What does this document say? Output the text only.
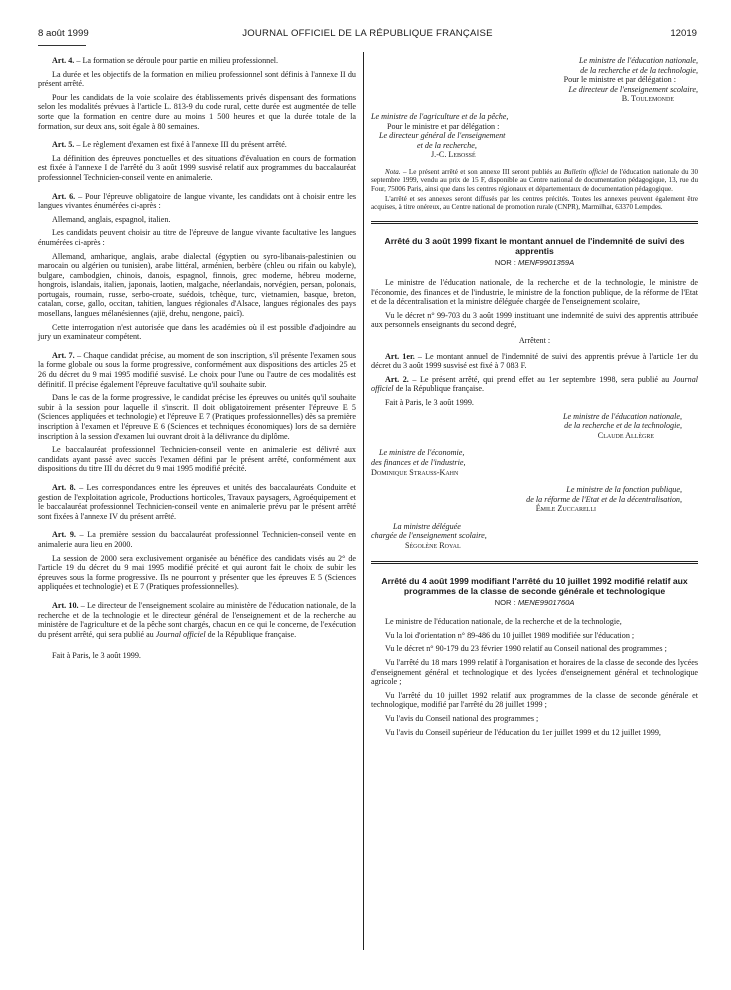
8 août 1999	JOURNAL OFFICIEL DE LA RÉPUBLIQUE FRANÇAISE	12019

Art. 4. – La formation se déroule pour partie en milieu professionnel.

La durée et les objectifs de la formation en milieu professionnel sont définis à l'annexe II du présent arrêté.

Pour les candidats de la voie scolaire des établissements privés dispensant des formations selon les modalités prévues à l'article L. 813-9 du code rural, cette durée est augmentée de telle sorte que la formation en centre dure au moins 1 500 heures et que la durée totale de la formation, sur deux ans, soit égale à 80 semaines.

Art. 5. – Le règlement d'examen est fixé à l'annexe III du présent arrêté.

La définition des épreuves ponctuelles et des situations d'évaluation en cours de formation est fixée à l'annexe I de l'arrêté du 3 août 1999 susvisé relatif aux programmes du baccalauréat professionnel Technicien-conseil vente en animalerie.

Art. 6. – Pour l'épreuve obligatoire de langue vivante, les candidats ont à choisir entre les langues vivantes énumérées ci-après :

Allemand, anglais, espagnol, italien.

Les candidats peuvent choisir au titre de l'épreuve de langue vivante facultative les langues énumérées ci-après :

Allemand, amharique, anglais, arabe dialectal (égyptien ou syro-libanais-palestinien ou marocain ou algérien ou tunisien), arabe littéral, arménien, berbère (chleu ou rifain ou kabyle), bulgare, cambodgien, chinois, danois, espagnol, finnois, grec moderne, hébreu moderne, hongrois, islandais, italien, japonais, laotien, malgache, néerlandais, norvégien, persan, polonais, portugais, roumain, russe, serbo-croate, suédois, tchèque, turc, vietnamien, basque, breton, catalan, corse, gallo, occitan, tahitien, langues régionales d'Alsace, langues régionales des pays mosellans, langues mélanésiennes (ajië, drehu, nengone, paicî).

Cette interrogation n'est autorisée que dans les académies où il est possible d'adjoindre au jury un examinateur compétent.

Art. 7. – Chaque candidat précise, au moment de son inscription, s'il présente l'examen sous la forme globale ou sous la forme progressive, conformément aux dispositions des articles 25 et 26 du décret du 9 mai 1995 modifié susvisé. Le choix pour l'une ou l'autre de ces modalités est définitif. Il précise également l'épreuve facultative qu'il souhaite subir.

Dans le cas de la forme progressive, le candidat précise les épreuves ou unités qu'il souhaite subir à la session pour laquelle il s'inscrit. Il doit obligatoirement présenter l'épreuve E 5 (Sciences appliquées et technologie) et l'épreuve E 7 (Pratiques professionnelles) dès sa première inscription à l'examen et l'épreuve E 6 (Sciences et techniques économiques) lors de sa dernière inscription à la session d'examen lui ouvrant droit à la délivrance du diplôme.

Le baccalauréat professionnel Technicien-conseil vente en animalerie est délivré aux candidats ayant passé avec succès l'examen défini par le présent arrêté, conformément aux dispositions du titre III du décret du 9 mai 1995 modifié précité.

Art. 8. – Les correspondances entre les épreuves et unités des baccalauréats Conduite et gestion de l'exploitation agricole, Productions horticoles, Travaux paysagers, Agroéquipement et le baccalauréat professionnel Technicien-conseil vente en animalerie prévu par le présent arrêté sont fixées à l'annexe IV du présent arrêté.

Art. 9. – La première session du baccalauréat professionnel Technicien-conseil vente en animalerie aura lieu en 2000.

La session de 2000 sera exclusivement organisée au bénéfice des candidats visés au 2° de l'article 19 du décret du 9 mai 1995 modifié précité et qui auront fait le choix de subir les épreuves sous la forme progressive. Ils ne pourront y présenter que les épreuves E 5 (Sciences appliquées et technologie) et E 7 (Pratiques professionnelles).

Art. 10. – Le directeur de l'enseignement scolaire au ministère de l'éducation nationale, de la recherche et de la technologie et le directeur général de l'enseignement et de la recherche au ministère de l'agriculture et de la pêche sont chargés, chacun en ce qui le concerne, de l'exécution du présent arrêté, qui sera publié au Journal officiel de la République française.

Fait à Paris, le 3 août 1999.

Le ministre de l'éducation nationale,
de la recherche et de la technologie,
Pour le ministre et par délégation :
Le directeur de l'enseignement scolaire,
B. Toulemonde
Le ministre de l'agriculture et de la pêche,
Pour le ministre et par délégation :
Le directeur général de l'enseignement
et de la recherche,
J.-C. Lebossé

Nota. – Le présent arrêté et son annexe III seront publiés au Bulletin officiel de l'éducation nationale du 30 septembre 1999, vendu au prix de 15 F, disponible au Centre national de documentation pédagogique, 13, rue du Four, 75006 Paris, ainsi que dans les centres régionaux et départementaux de documentation pédagogique.

L'arrêté et ses annexes seront diffusés par les centres précités. Toutes les annexes peuvent également être acquises, à titre onéreux, au Centre national de promotion rurale (CNPR), Marmilhat, 63370 Lempdes.

Arrêté du 3 août 1999 fixant le montant annuel de l'indemnité de suivi des apprentis
NOR : MENF9901359A

Le ministre de l'éducation nationale, de la recherche et de la technologie, le ministre de l'économie, des finances et de l'industrie, le ministre de la fonction publique, de la réforme de l'Etat et de la décentralisation et la ministre déléguée chargée de l'enseignement scolaire,

Vu le décret n° 99-703 du 3 août 1999 instituant une indemnité de suivi des apprentis attribuée aux personnels enseignants du second degré,

Arrêtent :

Art. 1er. – Le montant annuel de l'indemnité de suivi des apprentis prévue à l'article 1er du décret du 3 août 1999 susvisé est fixé à 7 083 F.

Art. 2. – Le présent arrêté, qui prend effet au 1er septembre 1998, sera publié au Journal officiel de la République française.

Fait à Paris, le 3 août 1999.

Le ministre de l'éducation nationale,
de la recherche et de la technologie,
Claude Allègre
Le ministre de l'économie,
des finances et de l'industrie,
Dominique Strauss-Kahn
Le ministre de la fonction publique,
de la réforme de l'Etat et de la décentralisation,
Émile Zuccarelli
La ministre déléguée
chargée de l'enseignement scolaire,
Ségolène Royal
Arrêté du 4 août 1999 modifiant l'arrêté du 10 juillet 1992 modifié relatif aux programmes de la classe de seconde générale et technologique
NOR : MENE9901760A

Le ministre de l'éducation nationale, de la recherche et de la technologie,

Vu la loi d'orientation n° 89-486 du 10 juillet 1989 modifiée sur l'éducation ;

Vu le décret n° 90-179 du 23 février 1990 relatif au Conseil national des programmes ;

Vu l'arrêté du 18 mars 1999 relatif à l'organisation et horaires de la classe de seconde des lycées d'enseignement général et technologique et des lycées d'enseignement général et technologique agricole ;

Vu l'arrêté du 10 juillet 1992 relatif aux programmes de la classe de seconde générale et technologique, modifié par l'arrêté du 28 juillet 1999 ;

Vu l'avis du Conseil national des programmes ;

Vu l'avis du Conseil supérieur de l'éducation du 1er juillet 1999 et du 12 juillet 1999,
